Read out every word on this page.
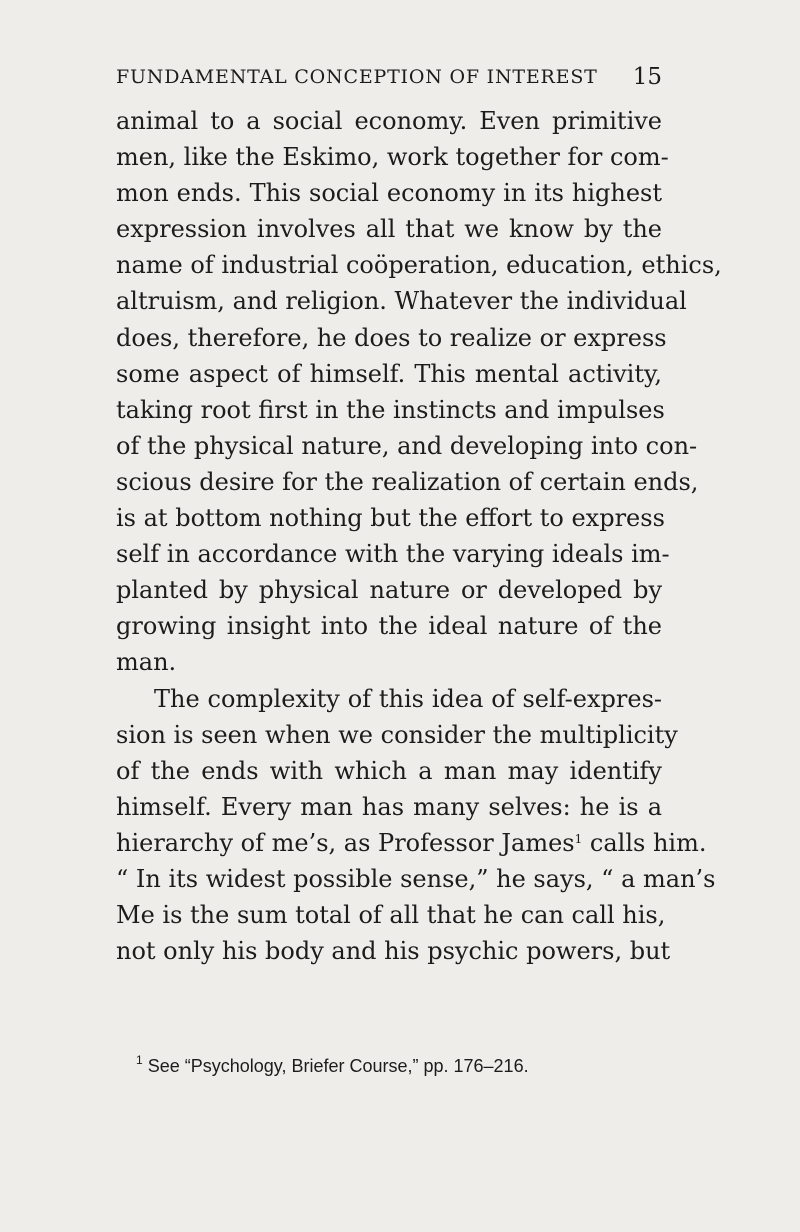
FUNDAMENTAL CONCEPTION OF INTEREST 15
animal to a social economy. Even primitive
men, like the Eskimo, work together for com-
mon ends. This social economy in its highest
expression involves all that we know by the
name of industrial coöperation, education, ethics,
altruism, and religion. Whatever the individual
does, therefore, he does to realize or express
some aspect of himself. This mental activity,
taking root first in the instincts and impulses
of the physical nature, and developing into con-
scious desire for the realization of certain ends,
is at bottom nothing but the effort to express
self in accordance with the varying ideals im-
planted by physical nature or developed by
growing insight into the ideal nature of the
man.
The complexity of this idea of self-expres-
sion is seen when we consider the multiplicity
of the ends with which a man may identify
himself. Every man has many selves: he is a
hierarchy of me’s, as Professor James$^1$ calls him.
“ In its widest possible sense,” he says, “ a man’s
Me is the sum total of all that he can call his,
not only his body and his psychic powers, but
$^1$ See “Psychology, Briefer Course,” pp. 176–216.
